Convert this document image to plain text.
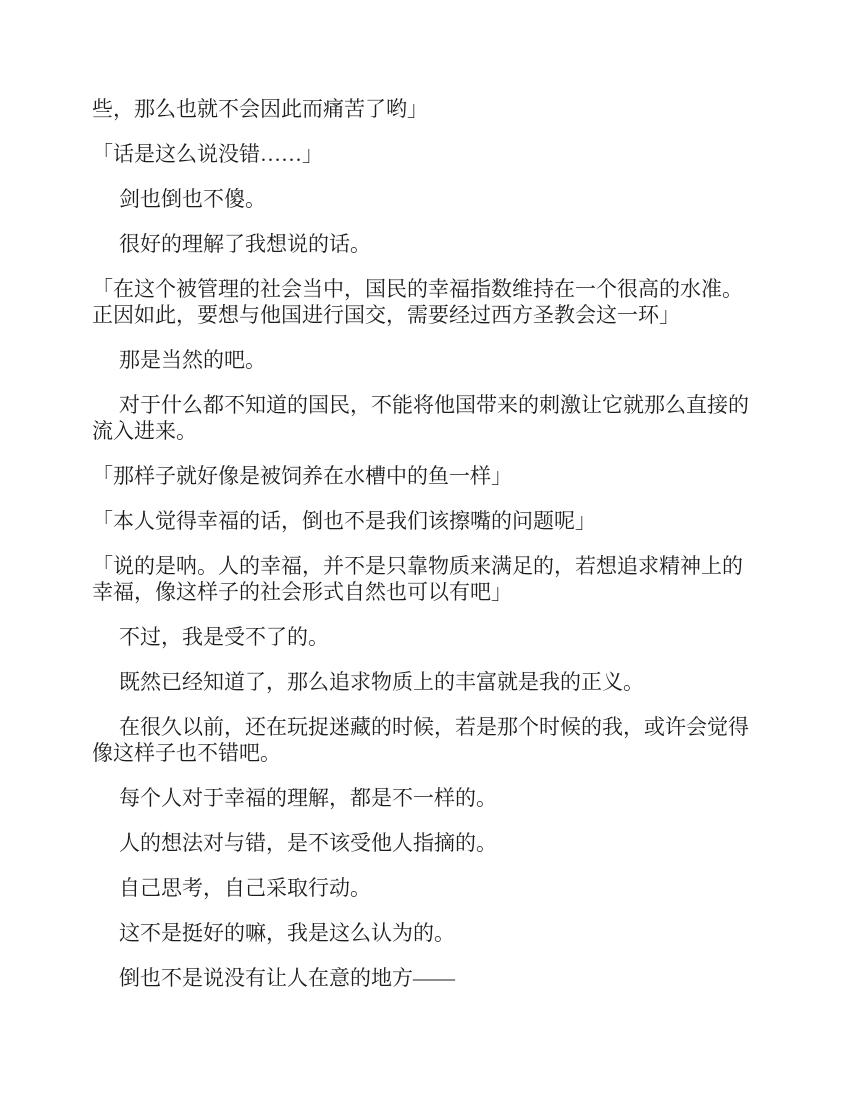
些，那么也就不会因此而痛苦了哟」

「话是这么说没错……」

剑也倒也不傻。

很好的理解了我想说的话。

「在这个被管理的社会当中，国民的幸福指数维持在一个很高的水准。正因如此，要想与他国进行国交，需要经过西方圣教会这一环」

那是当然的吧。

对于什么都不知道的国民，不能将他国带来的刺激让它就那么直接的流入进来。

「那样子就好像是被饲养在水槽中的鱼一样」

「本人觉得幸福的话，倒也不是我们该擦嘴的问题呢」

「说的是呐。人的幸福，并不是只靠物质来满足的，若想追求精神上的幸福，像这样子的社会形式自然也可以有吧」

不过，我是受不了的。

既然已经知道了，那么追求物质上的丰富就是我的正义。

在很久以前，还在玩捉迷藏的时候，若是那个时候的我，或许会觉得像这样子也不错吧。

每个人对于幸福的理解，都是不一样的。

人的想法对与错，是不该受他人指摘的。

自己思考，自己采取行动。

这不是挺好的嘛，我是这么认为的。

倒也不是说没有让人在意的地方——
